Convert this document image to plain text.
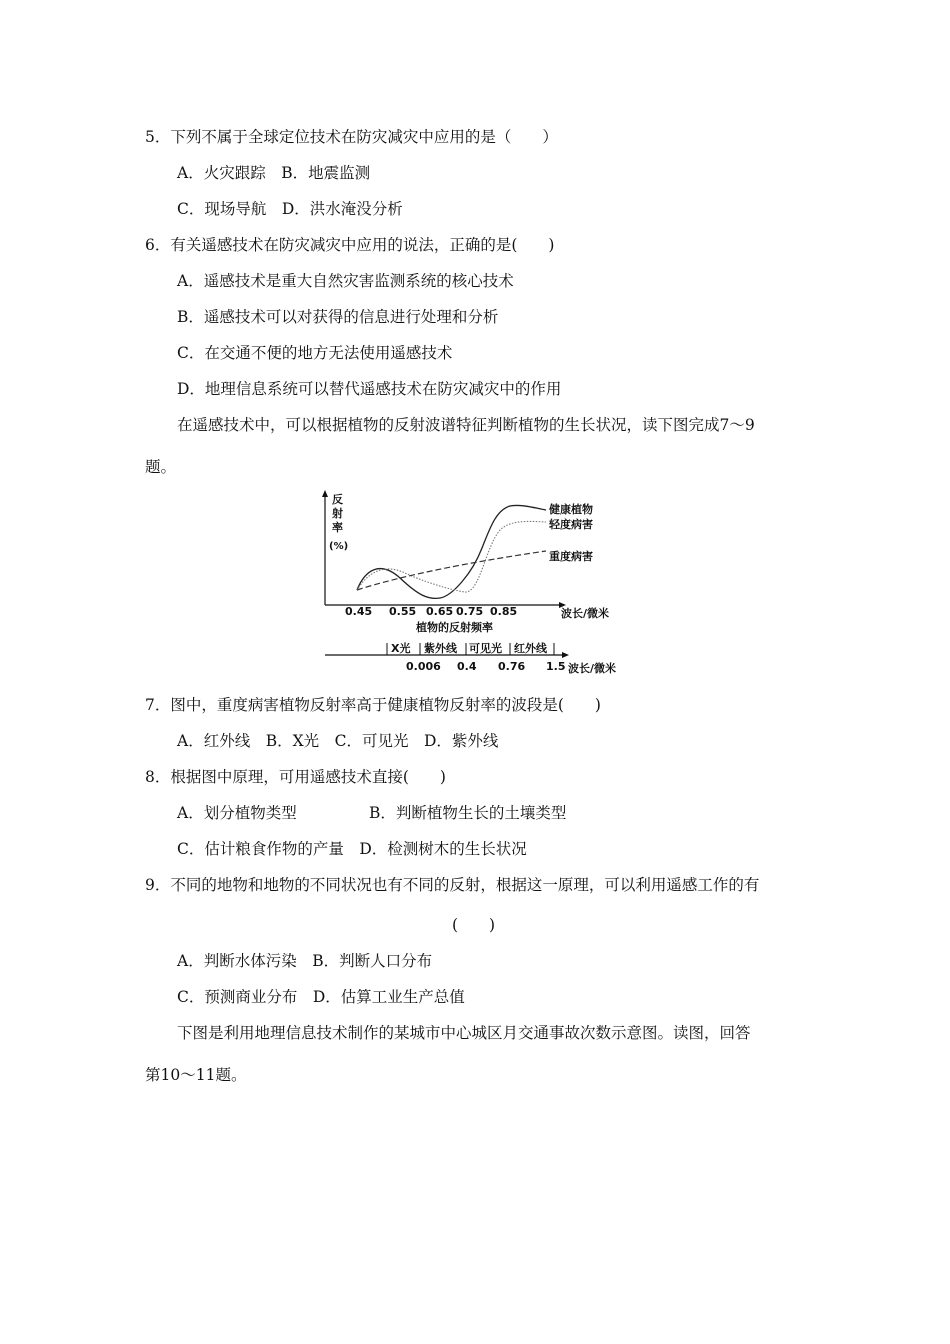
5．下列不属于全球定位技术在防灾减灾中应用的是（　　）
A．火灾跟踪　B．地震监测
C．现场导航　D．洪水淹没分析
6．有关遥感技术在防灾减灾中应用的说法，正确的是(　　)
A．遥感技术是重大自然灾害监测系统的核心技术
B．遥感技术可以对获得的信息进行处理和分析
C．在交通不便的地方无法使用遥感技术
D．地理信息系统可以替代遥感技术在防灾减灾中的作用
在遥感技术中，可以根据植物的反射波谱特征判断植物的生长状况，读下图完成7～9
题。
反
射
率
(%)
健康植物
轻度病害
重度病害
0.45 0.55 0.65 0.75 0.85	波长/微米
植物的反射频率
X光 紫外线 可见光 红外线
0.006 0.4 0.76 1.5 波长/微米
7．图中，重度病害植物反射率高于健康植物反射率的波段是(　　)
A．红外线　B．X光　C．可见光　D．紫外线
8．根据图中原理，可用遥感技术直接(　　)
A．划分植物类型	B．判断植物生长的土壤类型
C．估计粮食作物的产量　D．检测树木的生长状况
9．不同的地物和地物的不同状况也有不同的反射，根据这一原理，可以利用遥感工作的有
(　　)
A．判断水体污染　B．判断人口分布
C．预测商业分布　D．估算工业生产总值
下图是利用地理信息技术制作的某城市中心城区月交通事故次数示意图。读图，回答
第10～11题。
